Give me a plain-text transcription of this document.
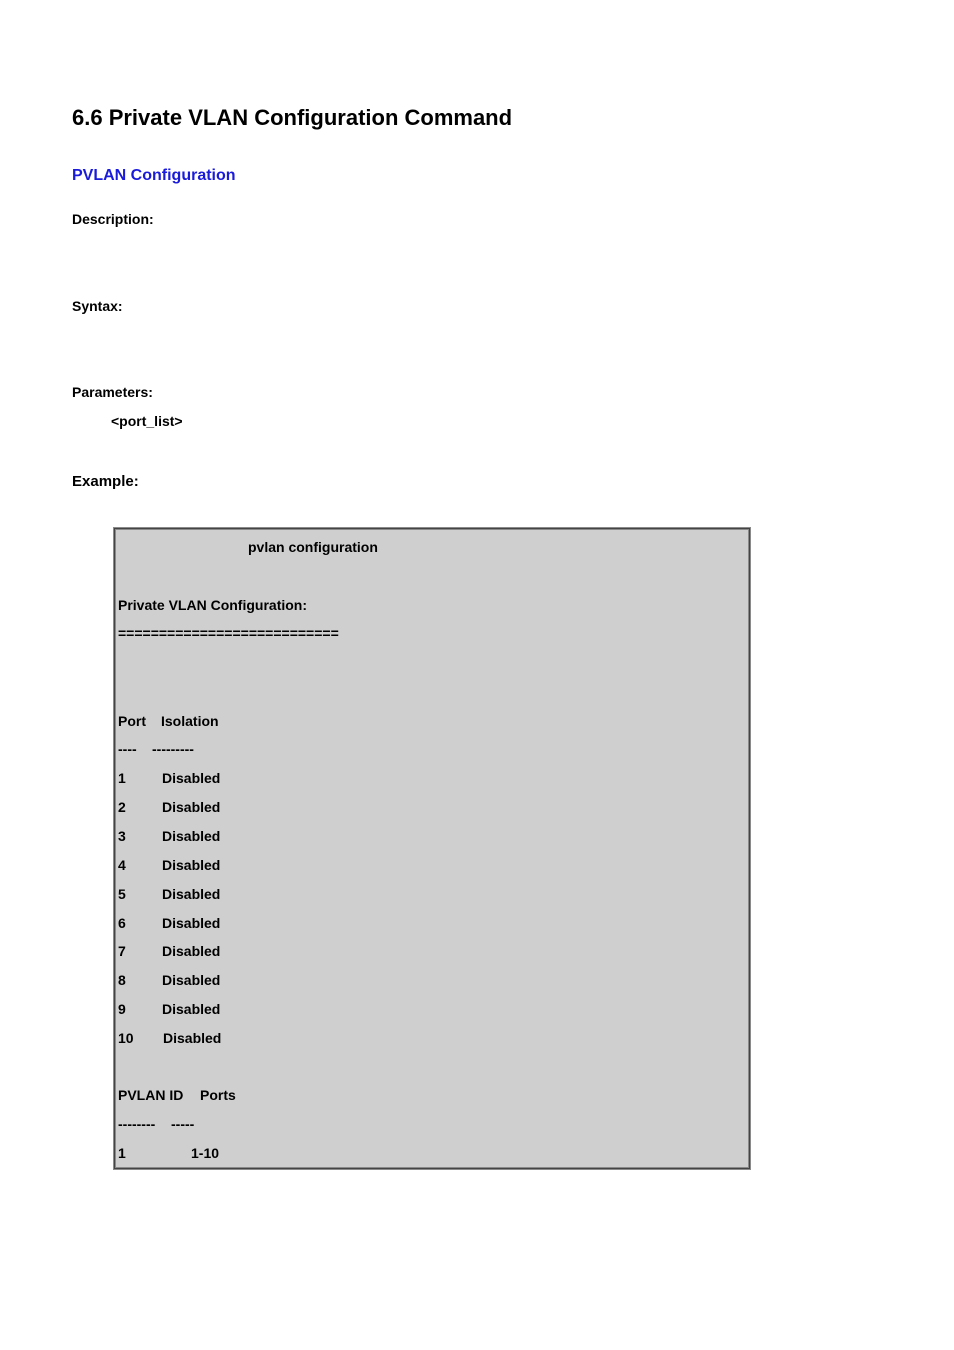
6.6 Private VLAN Configuration Command
PVLAN Configuration
Description:
Syntax:
Parameters:
<port_list>
Example:
pvlan configuration
Private VLAN Configuration:
===========================
Port Isolation
---- ---------
1	Disabled
2	Disabled
3	Disabled
4	Disabled
5	Disabled
6	Disabled
7	Disabled
8	Disabled
9	Disabled
10 Disabled
PVLAN ID Ports
-------- -----
1	1-10
